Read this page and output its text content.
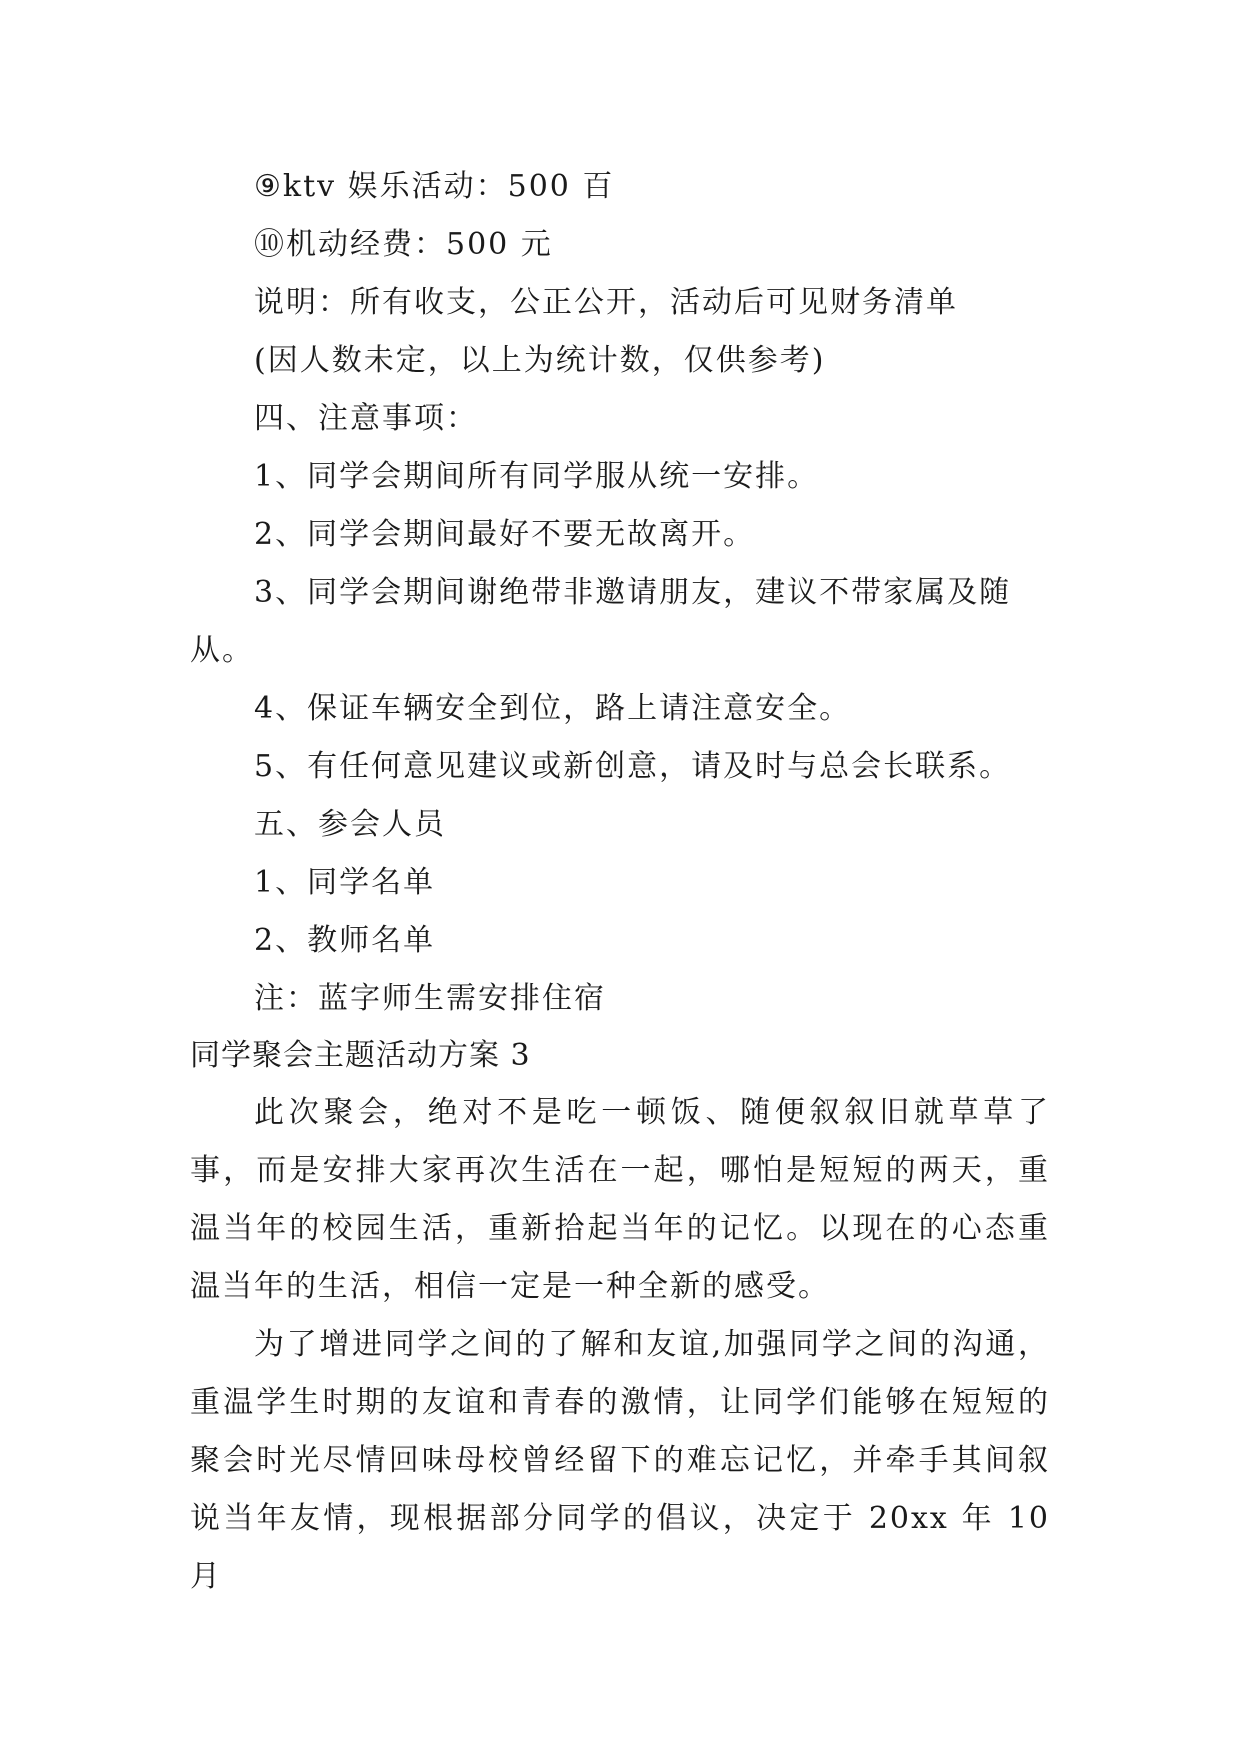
⑨ktv 娱乐活动：500 百
⑩机动经费：500 元
说明：所有收支，公正公开，活动后可见财务清单
(因人数未定，以上为统计数，仅供参考)
四、注意事项：
1、同学会期间所有同学服从统一安排。
2、同学会期间最好不要无故离开。
3、同学会期间谢绝带非邀请朋友，建议不带家属及随
从。
4、保证车辆安全到位，路上请注意安全。
5、有任何意见建议或新创意，请及时与总会长联系。
五、参会人员
1、同学名单
2、教师名单
注：蓝字师生需安排住宿
同学聚会主题活动方案 3

此次聚会，绝对不是吃一顿饭、随便叙叙旧就草草了事，而是安排大家再次生活在一起，哪怕是短短的两天，重温当年的校园生活，重新拾起当年的记忆。以现在的心态重温当年的生活，相信一定是一种全新的感受。

为了增进同学之间的了解和友谊,加强同学之间的沟通，重温学生时期的友谊和青春的激情，让同学们能够在短短的聚会时光尽情回味母校曾经留下的难忘记忆，并牵手其间叙说当年友情，现根据部分同学的倡议，决定于 20xx 年 10 月
